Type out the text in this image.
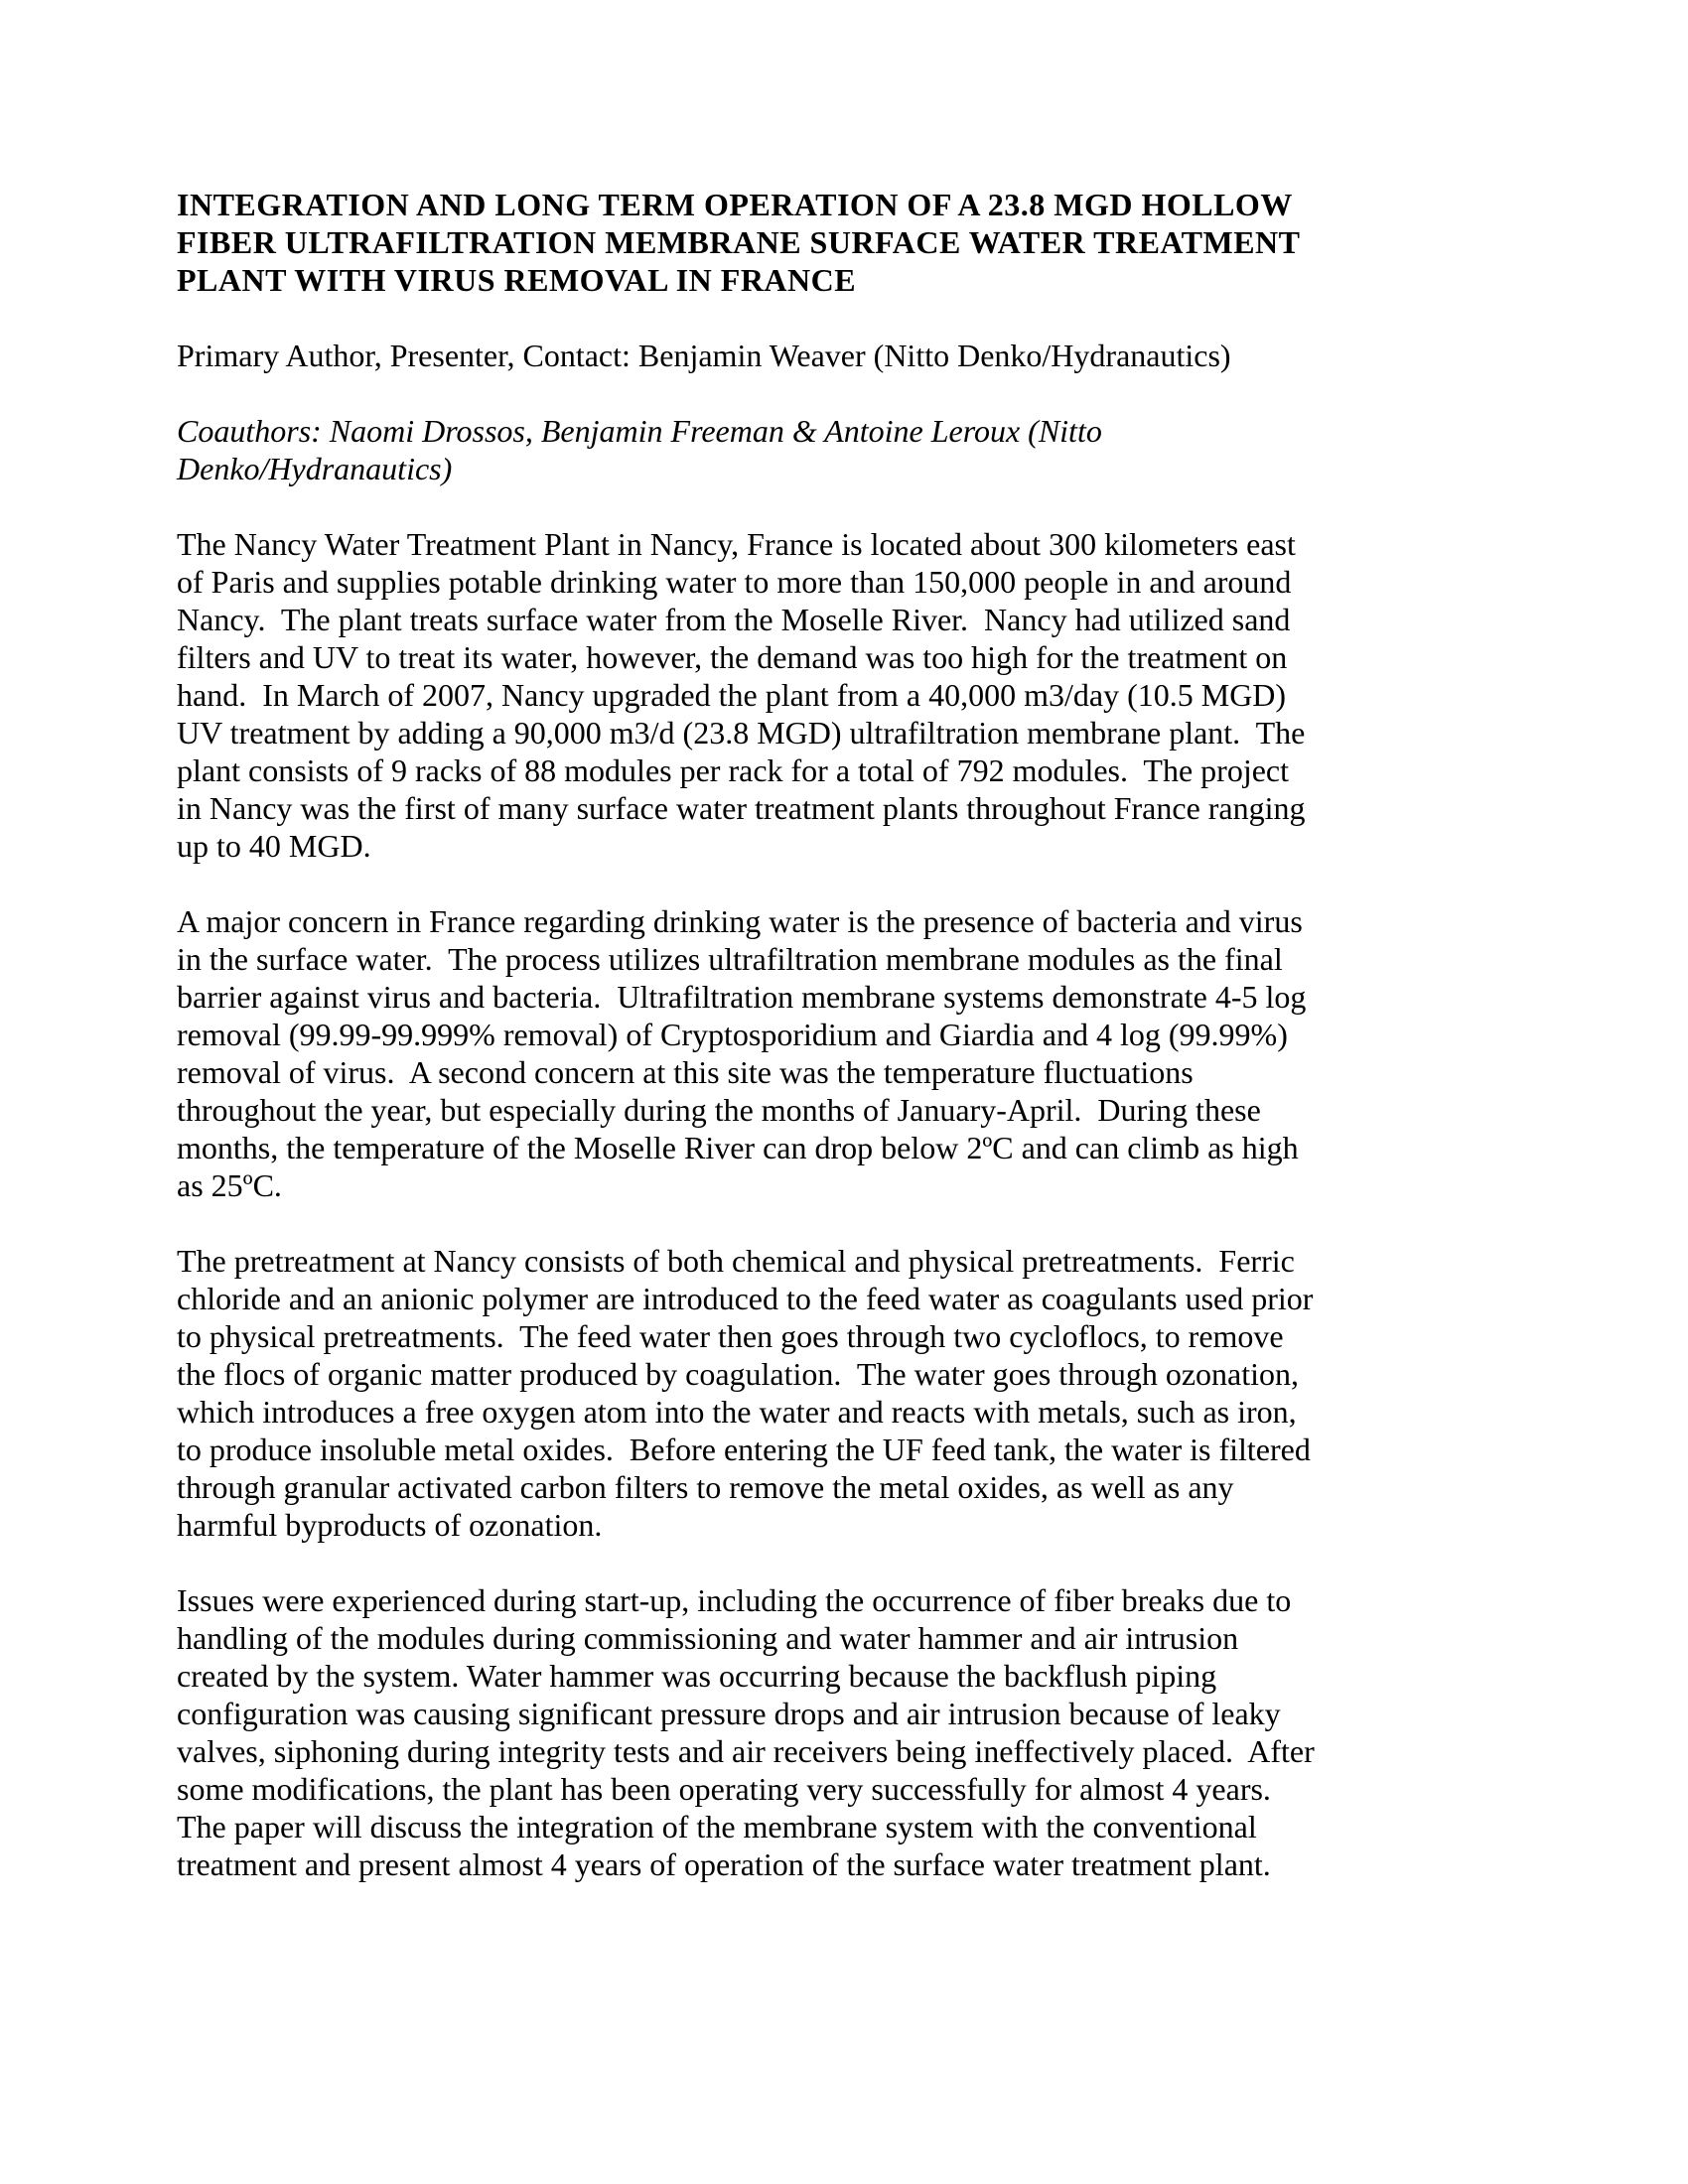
INTEGRATION AND LONG TERM OPERATION OF A 23.8 MGD HOLLOW
FIBER ULTRAFILTRATION MEMBRANE SURFACE WATER TREATMENT
PLANT WITH VIRUS REMOVAL IN FRANCE
Primary Author, Presenter, Contact: Benjamin Weaver (Nitto Denko/Hydranautics)
Coauthors: Naomi Drossos, Benjamin Freeman & Antoine Leroux (Nitto
Denko/Hydranautics)
The Nancy Water Treatment Plant in Nancy, France is located about 300 kilometers east
of Paris and supplies potable drinking water to more than 150,000 people in and around
Nancy.  The plant treats surface water from the Moselle River.  Nancy had utilized sand
filters and UV to treat its water, however, the demand was too high for the treatment on
hand.  In March of 2007, Nancy upgraded the plant from a 40,000 m3/day (10.5 MGD)
UV treatment by adding a 90,000 m3/d (23.8 MGD) ultrafiltration membrane plant.  The
plant consists of 9 racks of 88 modules per rack for a total of 792 modules.  The project
in Nancy was the first of many surface water treatment plants throughout France ranging
up to 40 MGD.
A major concern in France regarding drinking water is the presence of bacteria and virus
in the surface water.  The process utilizes ultrafiltration membrane modules as the final
barrier against virus and bacteria.  Ultrafiltration membrane systems demonstrate 4-5 log
removal (99.99-99.999% removal) of Cryptosporidium and Giardia and 4 log (99.99%)
removal of virus.  A second concern at this site was the temperature fluctuations
throughout the year, but especially during the months of January-April.  During these
months, the temperature of the Moselle River can drop below 2ºC and can climb as high
as 25ºC.
The pretreatment at Nancy consists of both chemical and physical pretreatments.  Ferric
chloride and an anionic polymer are introduced to the feed water as coagulants used prior
to physical pretreatments.  The feed water then goes through two cycloflocs, to remove
the flocs of organic matter produced by coagulation.  The water goes through ozonation,
which introduces a free oxygen atom into the water and reacts with metals, such as iron,
to produce insoluble metal oxides.  Before entering the UF feed tank, the water is filtered
through granular activated carbon filters to remove the metal oxides, as well as any
harmful byproducts of ozonation.
Issues were experienced during start-up, including the occurrence of fiber breaks due to
handling of the modules during commissioning and water hammer and air intrusion
created by the system. Water hammer was occurring because the backflush piping
configuration was causing significant pressure drops and air intrusion because of leaky
valves, siphoning during integrity tests and air receivers being ineffectively placed.  After
some modifications, the plant has been operating very successfully for almost 4 years.
The paper will discuss the integration of the membrane system with the conventional
treatment and present almost 4 years of operation of the surface water treatment plant.
